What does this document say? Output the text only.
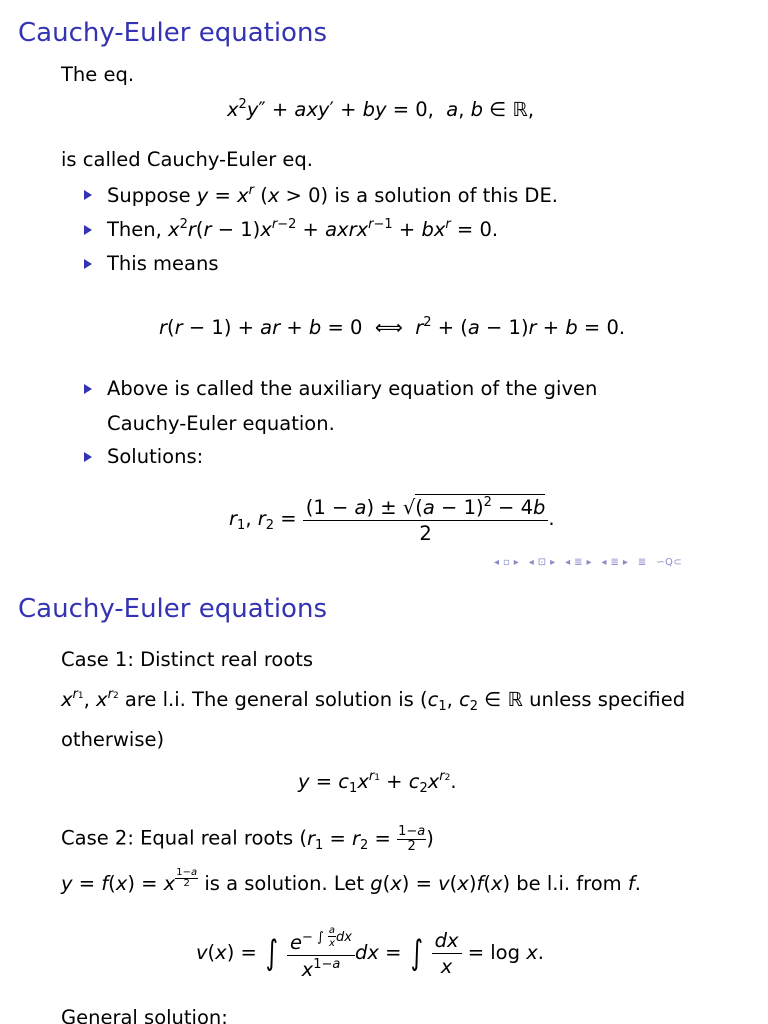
Cauchy-Euler equations
The eq.
$x^2y'' + axy'$ + by = 0,  a, b ∈ ℝ,
is called Cauchy-Euler eq.
Suppose $y = x^r$ (x > 0) is a solution of this DE.
Then, $x^2r(r - 1)x^{r-2}$ + axrx$^{r-1}$ + $bx^r = 0$.
This means
r(r − 1) + ar + b = 0  ⟺  $r^2 + (a - 1)r + b = 0$.
Above is called the auxiliary equation of the given
Cauchy-Euler equation.
Solutions:
$r_1$, $r_2 = \frac{(1 - a) \pm √(a - 1)^2 - 4b}{2}$ .
◂ ▫ ▸ ◂ ⊡ ▸ ◂ ≣ ▸ ◂ ≣ ▸ ≣ ∽Q⊂
Cauchy-Euler equations
Case 1: Distinct real roots
$x^{r1}$, $x^{r2}$ are l.i. The general solution is ($c_1$, $c_2$ ∈ ℝ unless specified
otherwise)
$y = c_1x^{r1} + c_2x^{r2}$.
Case 2: Equal real roots ($r_1 = r_2 = \frac{1-a}{2}$ )
y = f(x) = x $^{\frac{1-a}{2}}$ is a solution. Let g(x) = v(x)f(x) be l.i. from f.
v(x) = ∫ $e^{- \int \frac{a}{x} dx}$
$x^{1-a}$ dx = ∫ $\frac{dx}{x} = \log x$.
General solution:
